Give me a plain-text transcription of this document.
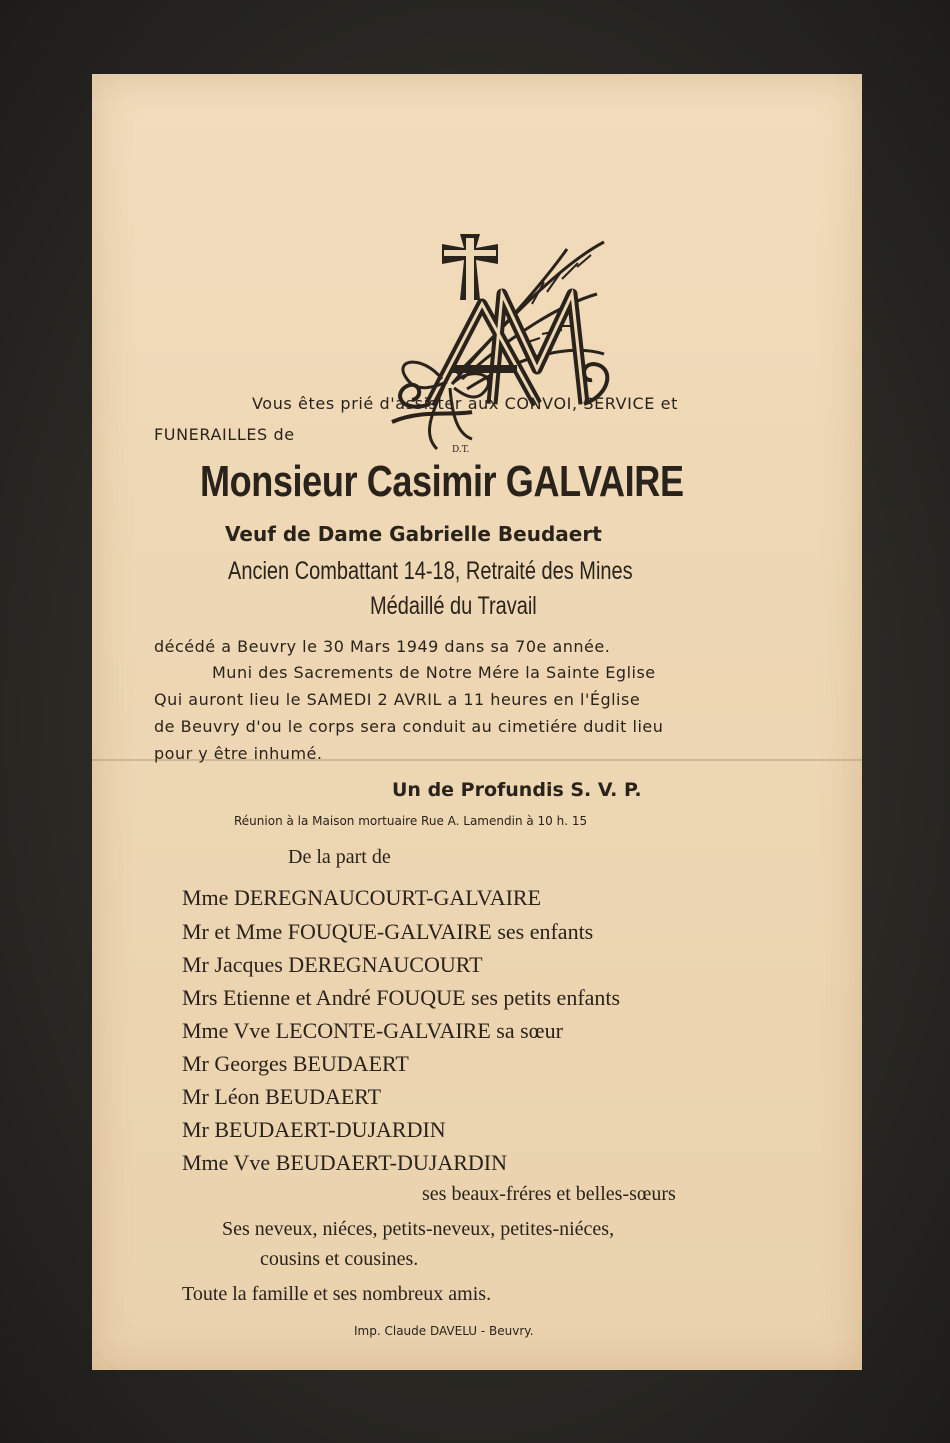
D.T.
Vous êtes prié d'assister aux CONVOI, SERVICE et
FUNERAILLES de
Monsieur Casimir GALVAIRE
Veuf de Dame Gabrielle Beudaert
Ancien Combattant 14-18, Retraité des Mines
Médaillé du Travail
décédé a Beuvry le 30 Mars 1949 dans sa 70e année.
Muni des Sacrements de Notre Mére la Sainte Eglise
Qui auront lieu le SAMEDI 2 AVRIL a 11 heures en l'Église
de Beuvry d'ou le corps sera conduit au cimetiére dudit lieu
pour y être inhumé.
Un de Profundis S. V. P.
Réunion à la Maison mortuaire Rue A. Lamendin à 10 h. 15
De la part de
Mme DEREGNAUCOURT-GALVAIRE
Mr et Mme FOUQUE-GALVAIRE ses enfants
Mr Jacques DEREGNAUCOURT
Mrs Etienne et André FOUQUE ses petits enfants
Mme Vve LECONTE-GALVAIRE sa sœur
Mr Georges BEUDAERT
Mr Léon BEUDAERT
Mr BEUDAERT-DUJARDIN
Mme Vve BEUDAERT-DUJARDIN
ses beaux-fréres et belles-sœurs
Ses neveux, niéces, petits-neveux, petites-niéces,
cousins et cousines.
Toute la famille et ses nombreux amis.
Imp. Claude DAVELU - Beuvry.
